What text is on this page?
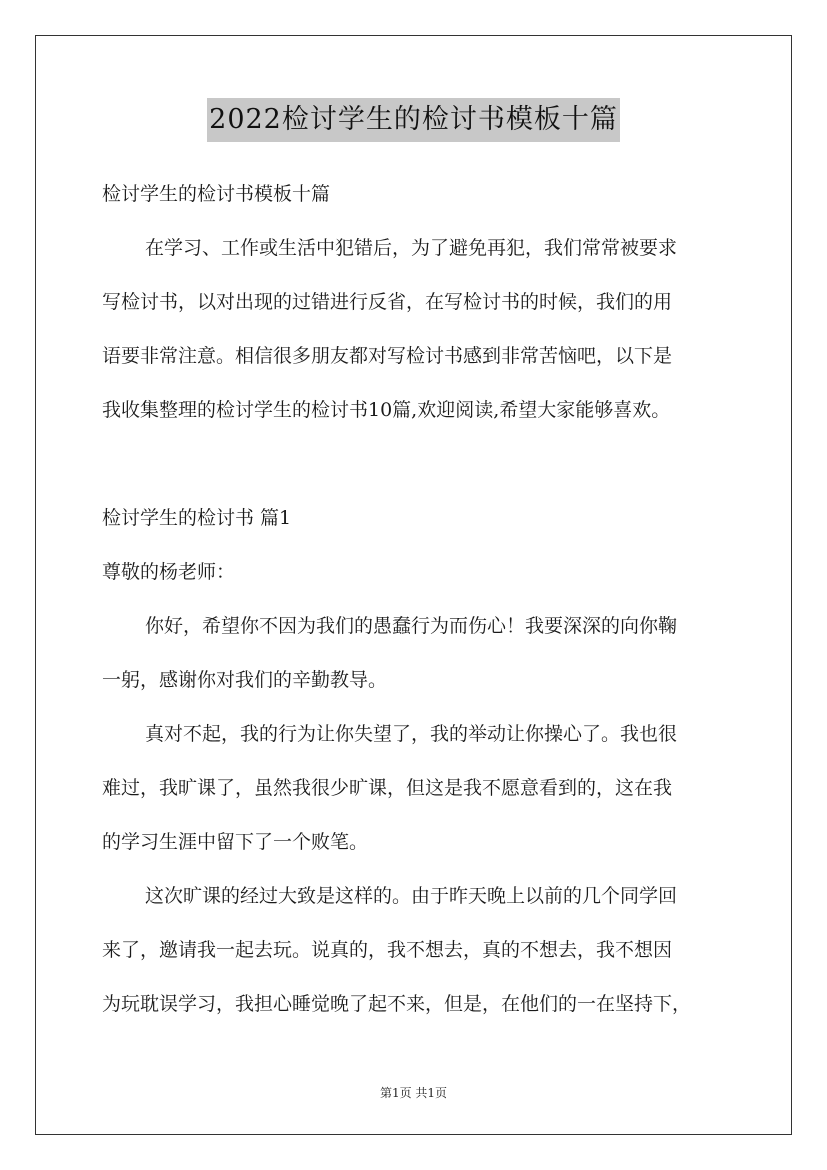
2022检讨学生的检讨书模板十篇
检讨学生的检讨书模板十篇
在学习、工作或生活中犯错后，为了避免再犯，我们常常被要求
写检讨书，以对出现的过错进行反省，在写检讨书的时候，我们的用
语要非常注意。相信很多朋友都对写检讨书感到非常苦恼吧，以下是
我收集整理的检讨学生的检讨书10篇,欢迎阅读,希望大家能够喜欢。
检讨学生的检讨书 篇1
尊敬的杨老师：
你好，希望你不因为我们的愚蠢行为而伤心！我要深深的向你鞠
一躬，感谢你对我们的辛勤教导。
真对不起，我的行为让你失望了，我的举动让你操心了。我也很
难过，我旷课了，虽然我很少旷课，但这是我不愿意看到的，这在我
的学习生涯中留下了一个败笔。
这次旷课的经过大致是这样的。由于昨天晚上以前的几个同学回
来了，邀请我一起去玩。说真的，我不想去，真的不想去，我不想因
为玩耽误学习，我担心睡觉晚了起不来，但是，在他们的一在坚持下，
第1页 共1页
